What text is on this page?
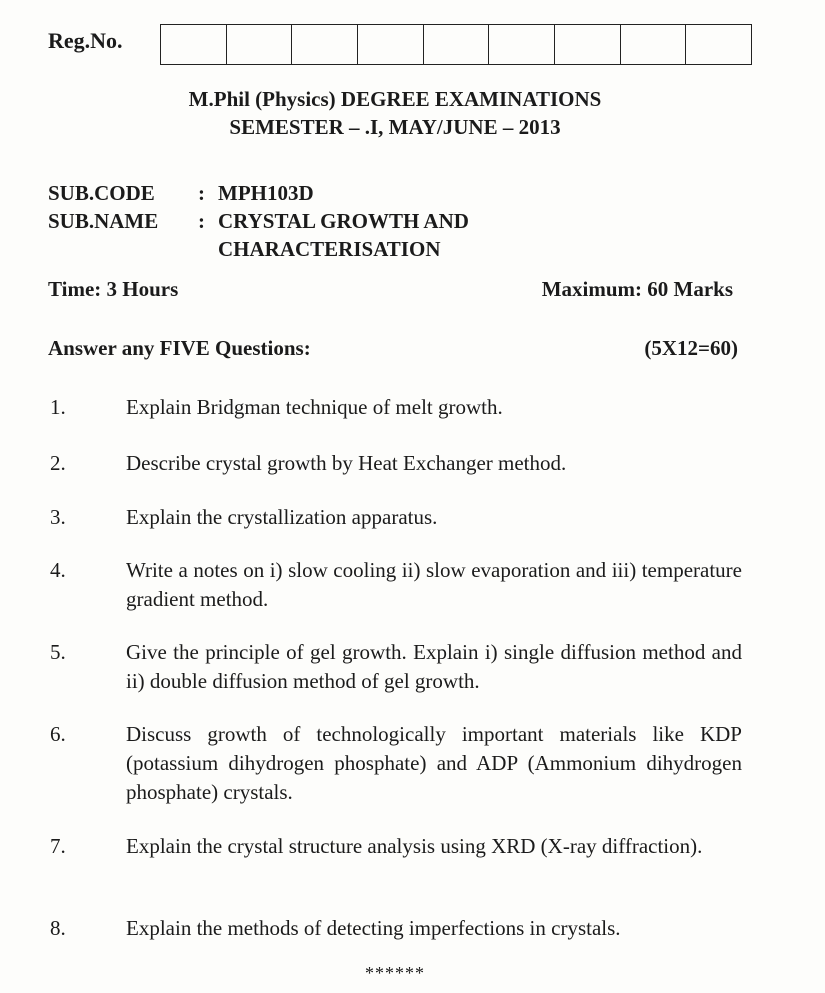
Reg.No.
M.Phil (Physics) DEGREE EXAMINATIONS
SEMESTER – .I, MAY/JUNE – 2013
SUB.CODE : MPH103D
SUB.NAME : CRYSTAL GROWTH AND
CHARACTERISATION
Time: 3 Hours	Maximum: 60 Marks
Answer any FIVE Questions:	(5X12=60)
1.	Explain Bridgman technique of melt growth.
2.	Describe crystal growth by Heat Exchanger method.
3.	Explain the crystallization apparatus.
4.	Write a notes on i) slow cooling ii) slow evaporation and iii) temperature gradient method.
5.	Give the principle of gel growth. Explain i) single diffusion method and ii) double diffusion method of gel growth.
6.	Discuss growth of technologically important materials like KDP (potassium dihydrogen phosphate) and ADP (Ammonium dihydrogen phosphate) crystals.
7.	Explain the crystal structure analysis using XRD (X-ray diffraction).
8.	Explain the methods of detecting imperfections in crystals.
******
